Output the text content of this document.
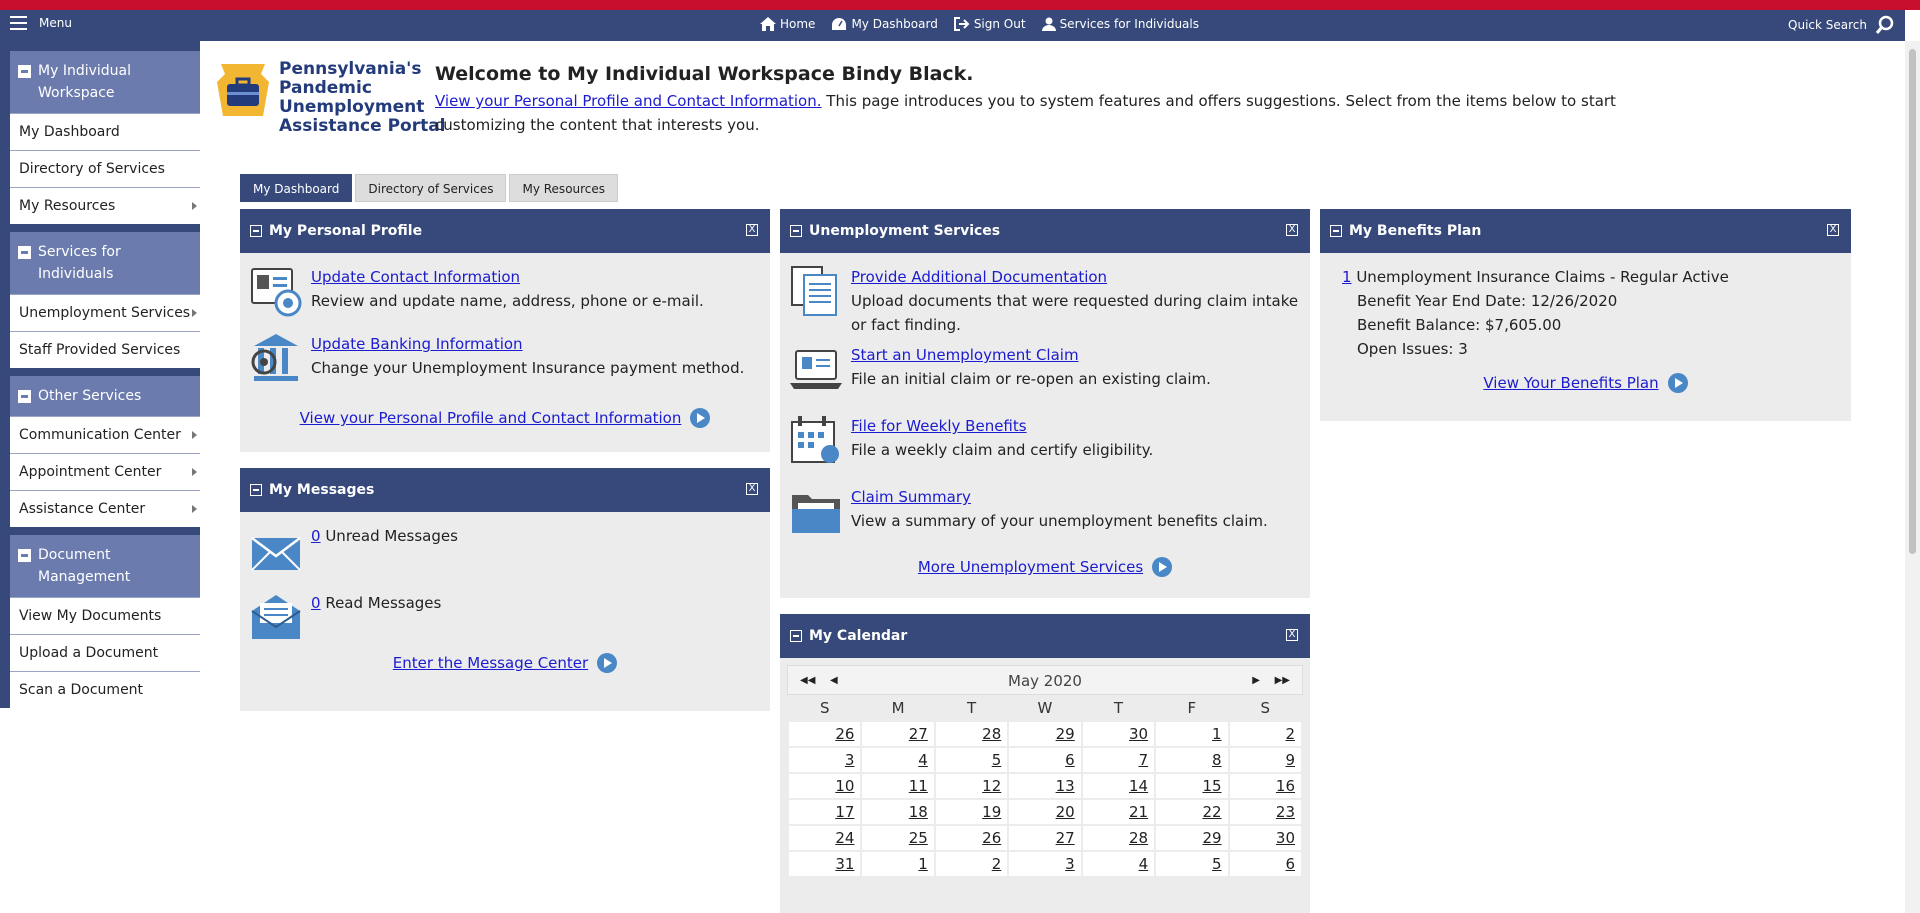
Menu	Home	My Dashboard	Sign Out	Services for Individuals	Quick Search
My Individual Workspace
My Dashboard
Directory of Services
My Resources
Services for Individuals
Unemployment Services
Staff Provided Services
Other Services
Communication Center
Appointment Center
Assistance Center
Document Management
View My Documents
Upload a Document
Scan a Document
Pennsylvania's
Pandemic
Unemployment
Assistance Portal
Welcome to My Individual Workspace Bindy Black.

View your Personal Profile and Contact Information. This page introduces you to system features and offers suggestions. Select from the items below to start customizing the content that interests you.

My Dashboard	Directory of Services	My Resources
My Personal Profile	X
Update Contact Information
Review and update name, address, phone or e-mail.
Update Banking Information
Change your Unemployment Insurance payment method.
View your Personal Profile and Contact Information
My Messages	X
0 Unread Messages
0 Read Messages
Enter the Message Center
Unemployment Services	X
Provide Additional Documentation
Upload documents that were requested during claim intake or fact finding.
Start an Unemployment Claim
File an initial claim or re-open an existing claim.
File for Weekly Benefits
File a weekly claim and certify eligibility.
Claim Summary
View a summary of your unemployment benefits claim.
More Unemployment Services
My Calendar	X
◀◀ ◀	May 2020	▶ ▶▶
S	M	T	W	T	F	S
26	27	28	29	30	1	2
3	4	5	6	7	8	9
10	11	12	13	14	15	16
17	18	19	20	21	22	23
24	25	26	27	28	29	30
31	1	2	3	4	5	6
My Benefits Plan	X
1 Unemployment Insurance Claims - Regular Active
Benefit Year End Date: 12/26/2020
Benefit Balance: $7,605.00
Open Issues: 3
View Your Benefits Plan
